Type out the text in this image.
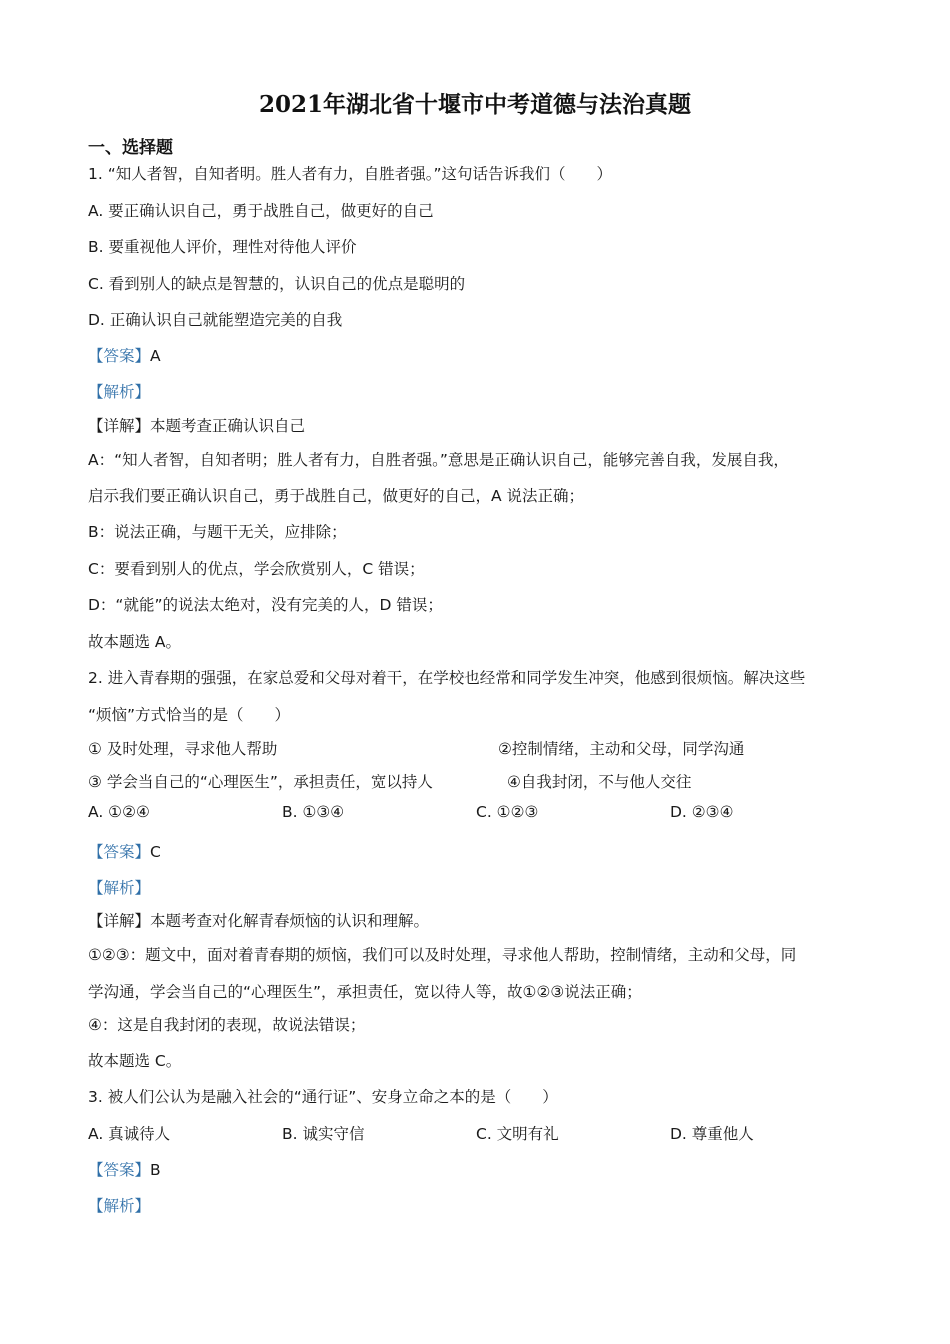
2021年湖北省十堰市中考道德与法治真题
一、选择题
1. “知人者智，自知者明。胜人者有力，自胜者强。”这句话告诉我们（　　）
A. 要正确认识自己，勇于战胜自己，做更好的自己
B. 要重视他人评价，理性对待他人评价
C. 看到别人的缺点是智慧的，认识自己的优点是聪明的
D. 正确认识自己就能塑造完美的自我
【答案】A
【解析】
【详解】本题考查正确认识自己
A：“知人者智，自知者明；胜人者有力，自胜者强。”意思是正确认识自己，能够完善自我，发展自我，
启示我们要正确认识自己，勇于战胜自己，做更好的自己，A 说法正确；
B：说法正确，与题干无关，应排除；
C：要看到别人的优点，学会欣赏别人，C 错误；
D：“就能”的说法太绝对，没有完美的人，D 错误；
故本题选 A。
2. 进入青春期的强强，在家总爱和父母对着干，在学校也经常和同学发生冲突，他感到很烦恼。解决这些
“烦恼”方式恰当的是（　　）
① 及时处理，寻求他人帮助	②控制情绪，主动和父母，同学沟通
③ 学会当自己的“心理医生”，承担责任，宽以持人	④自我封闭，不与他人交往
A. ①②④	B. ①③④	C. ①②③	D. ②③④
【答案】C
【解析】
【详解】本题考查对化解青春烦恼的认识和理解。
①②③：题文中，面对着青春期的烦恼，我们可以及时处理，寻求他人帮助，控制情绪，主动和父母，同
学沟通，学会当自己的“心理医生”，承担责任，宽以待人等，故①②③说法正确；
④：这是自我封闭的表现，故说法错误；
故本题选 C。
3. 被人们公认为是融入社会的“通行证”、安身立命之本的是（　　）
A. 真诚待人	B. 诚实守信	C. 文明有礼	D. 尊重他人
【答案】B
【解析】
